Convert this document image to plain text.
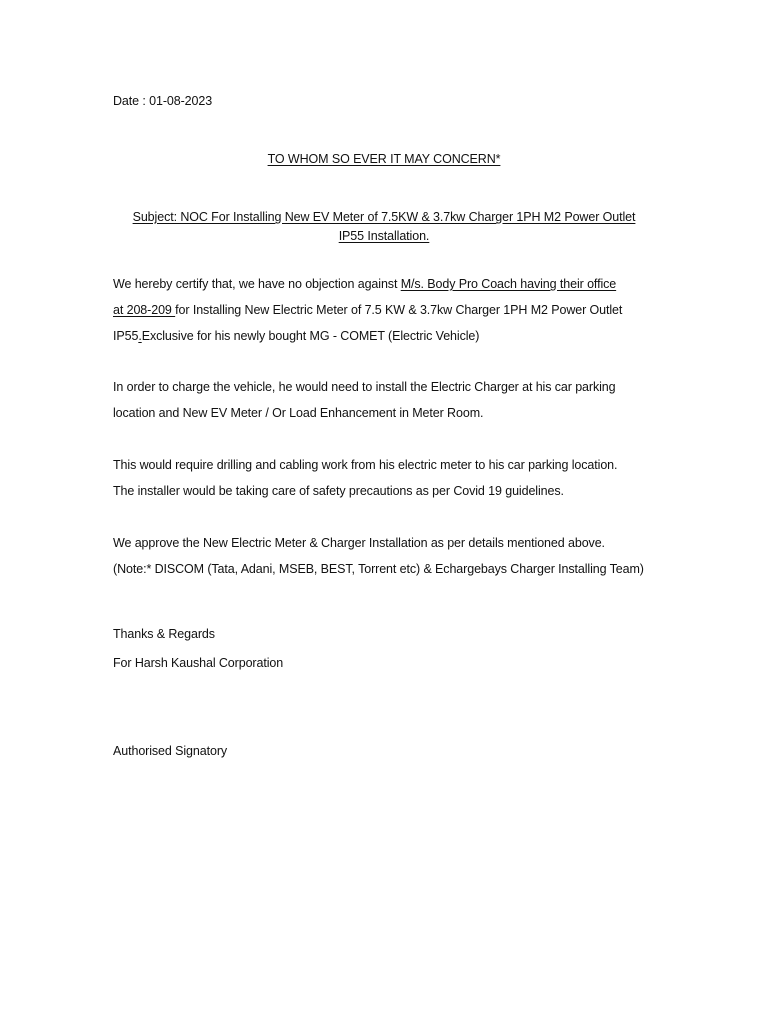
Date : 01-08-2023
TO WHOM SO EVER IT MAY CONCERN*
Subject: NOC For Installing New EV Meter of 7.5KW & 3.7kw Charger 1PH M2 Power Outlet
IP55 Installation.
We hereby certify that, we have no objection against M/s. Body Pro Coach having their office
at 208-209 for Installing New Electric Meter of 7.5 KW & 3.7kw Charger 1PH M2 Power Outlet
IP55.Exclusive for his newly bought MG - COMET (Electric Vehicle)
In order to charge the vehicle, he would need to install the Electric Charger at his car parking
location and New EV Meter / Or Load Enhancement in Meter Room.
This would require drilling and cabling work from his electric meter to his car parking location.
The installer would be taking care of safety precautions as per Covid 19 guidelines.
We approve the New Electric Meter & Charger Installation as per details mentioned above.
(Note:* DISCOM (Tata, Adani, MSEB, BEST, Torrent etc) & Echargebays Charger Installing Team)
Thanks & Regards
For Harsh Kaushal Corporation
Authorised Signatory
